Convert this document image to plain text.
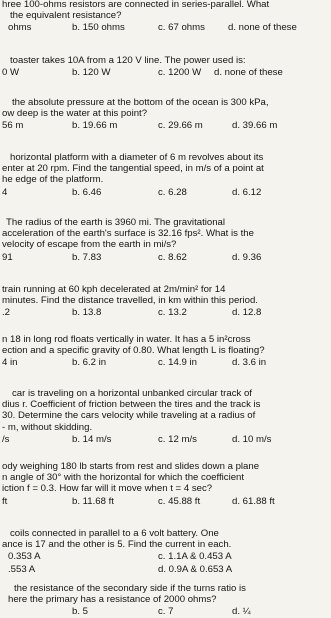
hree 100-ohms resistors are connected in series-parallel. What
the equivalent resistance?
ohms	b. 150 ohms	c. 67 ohms d. none of these
toaster takes 10A from a 120 V line. The power used is:
0 W	b. 120 W	c. 1200 W d. none of these
the absolute pressure at the bottom of the ocean is 300 kPa,
ow deep is the water at this point?
56 m	b. 19.66 m	c. 29.66 m	d. 39.66 m
horizontal platform with a diameter of 6 m revolves about its
enter at 20 rpm. Find the tangential speed, in m/s of a point at
he edge of the platform.
4	b. 6.46	c. 6.28	d. 6.12
The radius of the earth is 3960 mi. The gravitational
acceleration of the earth's surface is 32.16 fps². What is the
velocity of escape from the earth in mi/s?
91	b. 7.83	c. 8.62	d. 9.36
train running at 60 kph decelerated at 2m/min² for 14
minutes. Find the distance travelled, in km within this period.
.2	b. 13.8	c. 13.2	d. 12.8
n 18 in long rod floats vertically in water. It has a 5 in²cross
ection and a specific gravity of 0.80. What length L is floating?
4 in	b. 6.2 in	c. 14.9 in	d. 3.6 in
car is traveling on a horizontal unbanked circular track of
dius r. Coefficient of friction between the tires and the track is
30. Determine the cars velocity while traveling at a radius of
- m, without skidding.
/s	b. 14 m/s	c. 12 m/s	d. 10 m/s
ody weighing 180 lb starts from rest and slides down a plane
n angle of 30° with the horizontal for which the coefficient
iction f = 0.3. How far will it move when t = 4 sec?
ft	b. 11.68 ft	c. 45.88 ft	d. 61.88 ft
coils connected in parallel to a 6 volt battery. One
ance is 17 and the other is 5. Find the current in each.
0.353 A	c. 1.1A & 0.453 A
.553 A	d. 0.9A & 0.653 A
the resistance of the secondary side if the turns ratio is
here the primary has a resistance of 2000 ohms?
b. 5	c. 7	d. ¼
